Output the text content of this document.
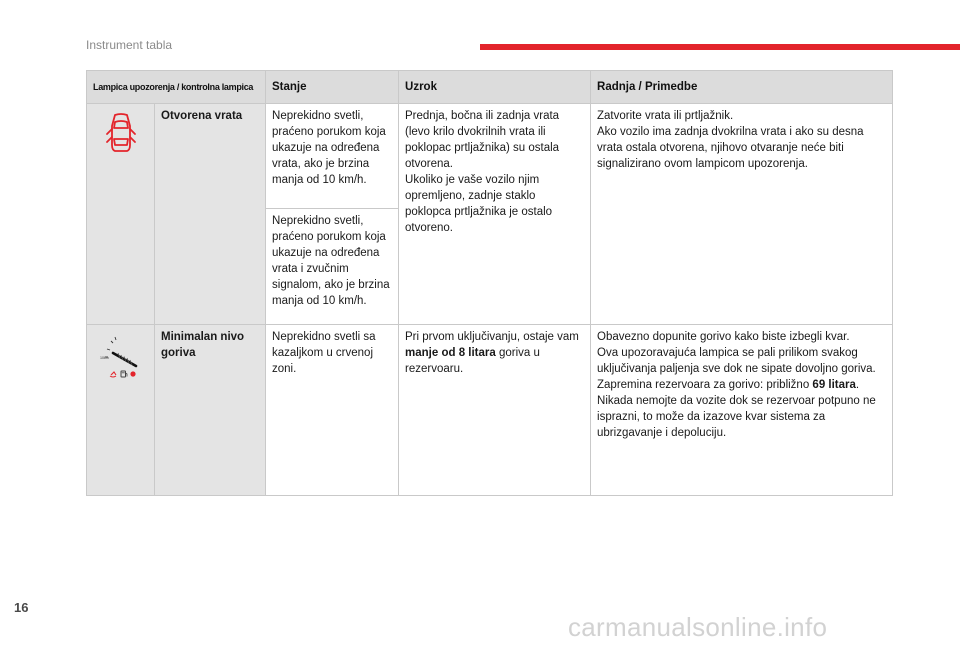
Instrument tabla
Lampica upozorenja / kontrolna lampica		Stanje	Uzrok	Radnja / Primedbe

	Otvorena vrata	Neprekidno svetli, praćeno porukom koja ukazuje na određena vrata, ako je brzina manja od 10 km/h.	Prednja, bočna ili zadnja vrata (levo krilo dvokrilnih vrata ili poklopac prtljažnika) su ostala otvorena.
Ukoliko je vaše vozilo njim opremljeno, zadnje staklo poklopca prtljažnika je ostalo otvoreno.	Zatvorite vrata ili prtljažnik.
Ako vozilo ima zadnja dvokrilna vrata i ako su desna vrata ostala otvorena, njihovo otvaranje neće biti signalizirano ovom lampicom upozorenja.
		Neprekidno svetli, praćeno porukom koja ukazuje na određena vrata i zvučnim signalom, ako je brzina manja od 10 km/h.		

10km	Minimalan nivo goriva	Neprekidno svetli sa kazaljkom u crvenoj zoni.	Pri prvom uključivanju, ostaje vam manje od 8 litara goriva u rezervoaru.	Obavezno dopunite gorivo kako biste izbegli kvar.
Ova upozoravajuća lampica se pali prilikom svakog uključivanja paljenja sve dok ne sipate dovoljno goriva.
Zapremina rezervoara za gorivo: približno 69 litara.
Nikada nemojte da vozite dok se rezervoar potpuno ne isprazni, to može da izazove kvar sistema za ubrizgavanje i depoluciju.
16
carmanualsonline.info
